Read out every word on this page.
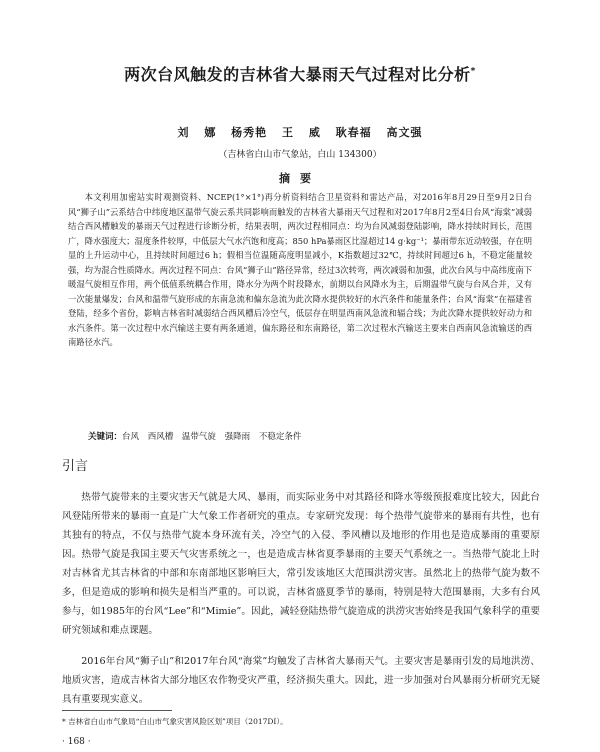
两次台风触发的吉林省大暴雨天气过程对比分析*
刘 娜 杨秀艳 王 威 耿春福 高文强
（吉林省白山市气象站，白山 134300）
摘要

本文利用加密站实时观测资料、NCEP(1°×1°)再分析资料结合卫星资料和雷达产品，对2016年8月29日至9月2日台风“狮子山”云系结合中纬度地区温带气旋云系共同影响而触发的吉林省大暴雨天气过程和对2017年8月2至4日台风“海棠”减弱结合西风槽触发的暴雨天气过程进行诊断分析，结果表明，两次过程相同点：均为台风减弱登陆影响，降水持续时间长，范围广，降水强度大；湿度条件较厚，中低层大气水汽饱和度高；850 hPa暴雨区比湿超过14 g·kg⁻¹；暴雨带东近动较强，存在明显的上升运动中心，且持续时间超过6 h；假相当位温随高度明显减小，K指数超过32℃，持续时间超过6 h，不稳定能量较强，均为混合性质降水。两次过程不同点：台风“狮子山”路径异常，经过3次转弯，两次减弱和加强，此次台风与中高纬度南下暖湿气旋相互作用，两个低值系统耦合作用，降水分为两个时段降水，前期以台风降水为主，后期温带气旋与台风合并，又有一次能量爆发；台风和温带气旋形成的东南急流和偏东急流为此次降水提供较好的水汽条件和能量条件；台风“海棠”在福建省登陆，经多个省份，影响吉林省时减弱结合西风槽后冷空气，低层存在明显西南风急流和辐合线；为此次降水提供较好动力和水汽条件。第一次过程中水汽输送主要有两条通道，偏东路径和东南路径，第二次过程水汽输送主要来自西南风急流输送的西南路径水汽。

关键词：台风 西风槽 温带气旋 强降雨 不稳定条件
引言

热带气旋带来的主要灾害天气就是大风、暴雨，而实际业务中对其路径和降水等级预报难度比较大，因此台风登陆所带来的暴雨一直是广大气象工作者研究的重点。专家研究发现：每个热带气旋带来的暴雨有共性，也有其独有的特点，不仅与热带气旋本身环流有关，冷空气的入侵、季风槽以及地形的作用也是造成暴雨的重要原因。热带气旋是我国主要天气灾害系统之一，也是造成吉林省夏季暴雨的主要天气系统之一。当热带气旋北上时对吉林省尤其吉林省的中部和东南部地区影响巨大，常引发该地区大范围洪涝灾害。虽然北上的热带气旋为数不多，但是造成的影响和损失是相当严重的。可以说，吉林省盛夏季节的暴雨，特别是特大范围暴雨，大多有台风参与，如1985年的台风“Lee”和“Mimie”。因此，减轻登陆热带气旋造成的洪涝灾害始终是我国气象科学的重要研究领域和难点课题。

2016年台风“狮子山”和2017年台风“海棠”均触发了吉林省大暴雨天气。主要灾害是暴雨引发的局地洪涝、地质灾害，造成吉林省大部分地区农作物受灾严重，经济损失重大。因此，进一步加强对台风暴雨分析研究无疑具有重要现实意义。

* 吉林省白山市气象局“白山市气象灾害风险区划”项目（2017DI）。
· 168 ·
